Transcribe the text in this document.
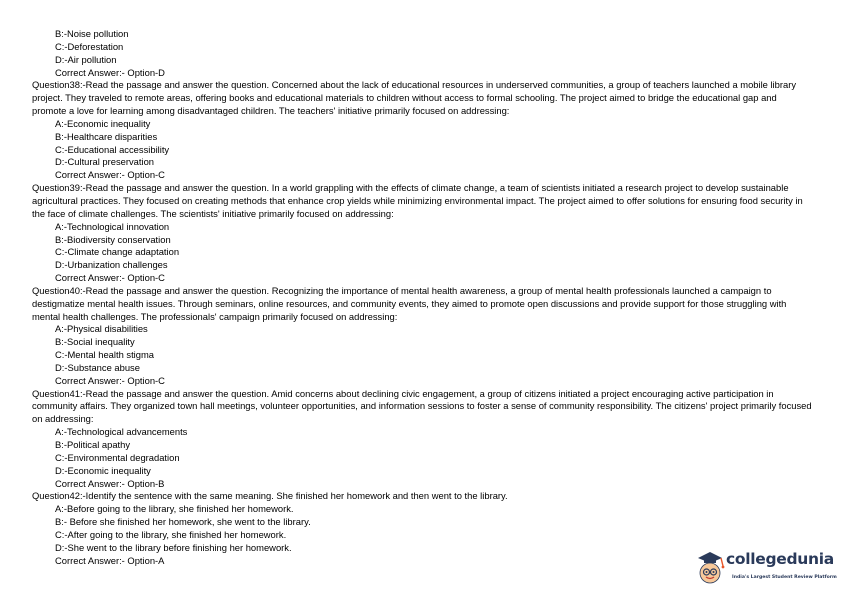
B:-Noise pollution
C:-Deforestation
D:-Air pollution
Correct Answer:- Option-D
Question38:-Read the passage and answer the question. Concerned about the lack of educational resources in underserved communities, a group of teachers launched a mobile library project. They traveled to remote areas, offering books and educational materials to children without access to formal schooling. The project aimed to bridge the educational gap and promote a love for learning among disadvantaged children. The teachers' initiative primarily focused on addressing:
A:-Economic inequality
B:-Healthcare disparities
C:-Educational accessibility
D:-Cultural preservation
Correct Answer:- Option-C
Question39:-Read the passage and answer the question. In a world grappling with the effects of climate change, a team of scientists initiated a research project to develop sustainable agricultural practices. They focused on creating methods that enhance crop yields while minimizing environmental impact. The project aimed to offer solutions for ensuring food security in the face of climate challenges. The scientists' initiative primarily focused on addressing:
A:-Technological innovation
B:-Biodiversity conservation
C:-Climate change adaptation
D:-Urbanization challenges
Correct Answer:- Option-C
Question40:-Read the passage and answer the question. Recognizing the importance of mental health awareness, a group of mental health professionals launched a campaign to destigmatize mental health issues. Through seminars, online resources, and community events, they aimed to promote open discussions and provide support for those struggling with mental health challenges. The professionals' campaign primarily focused on addressing:
A:-Physical disabilities
B:-Social inequality
C:-Mental health stigma
D:-Substance abuse
Correct Answer:- Option-C
Question41:-Read the passage and answer the question. Amid concerns about declining civic engagement, a group of citizens initiated a project encouraging active participation in community affairs. They organized town hall meetings, volunteer opportunities, and information sessions to foster a sense of community responsibility. The citizens' project primarily focused on addressing:
A:-Technological advancements
B:-Political apathy
C:-Environmental degradation
D:-Economic inequality
Correct Answer:- Option-B
Question42:-Identify the sentence with the same meaning. She finished her homework and then went to the library.
A:-Before going to the library, she finished her homework.
B:- Before she finished her homework, she went to the library.
C:-After going to the library, she finished her homework.
D:-She went to the library before finishing her homework.
Correct Answer:- Option-A	collegedunia
India's Largest Student Review Platform
